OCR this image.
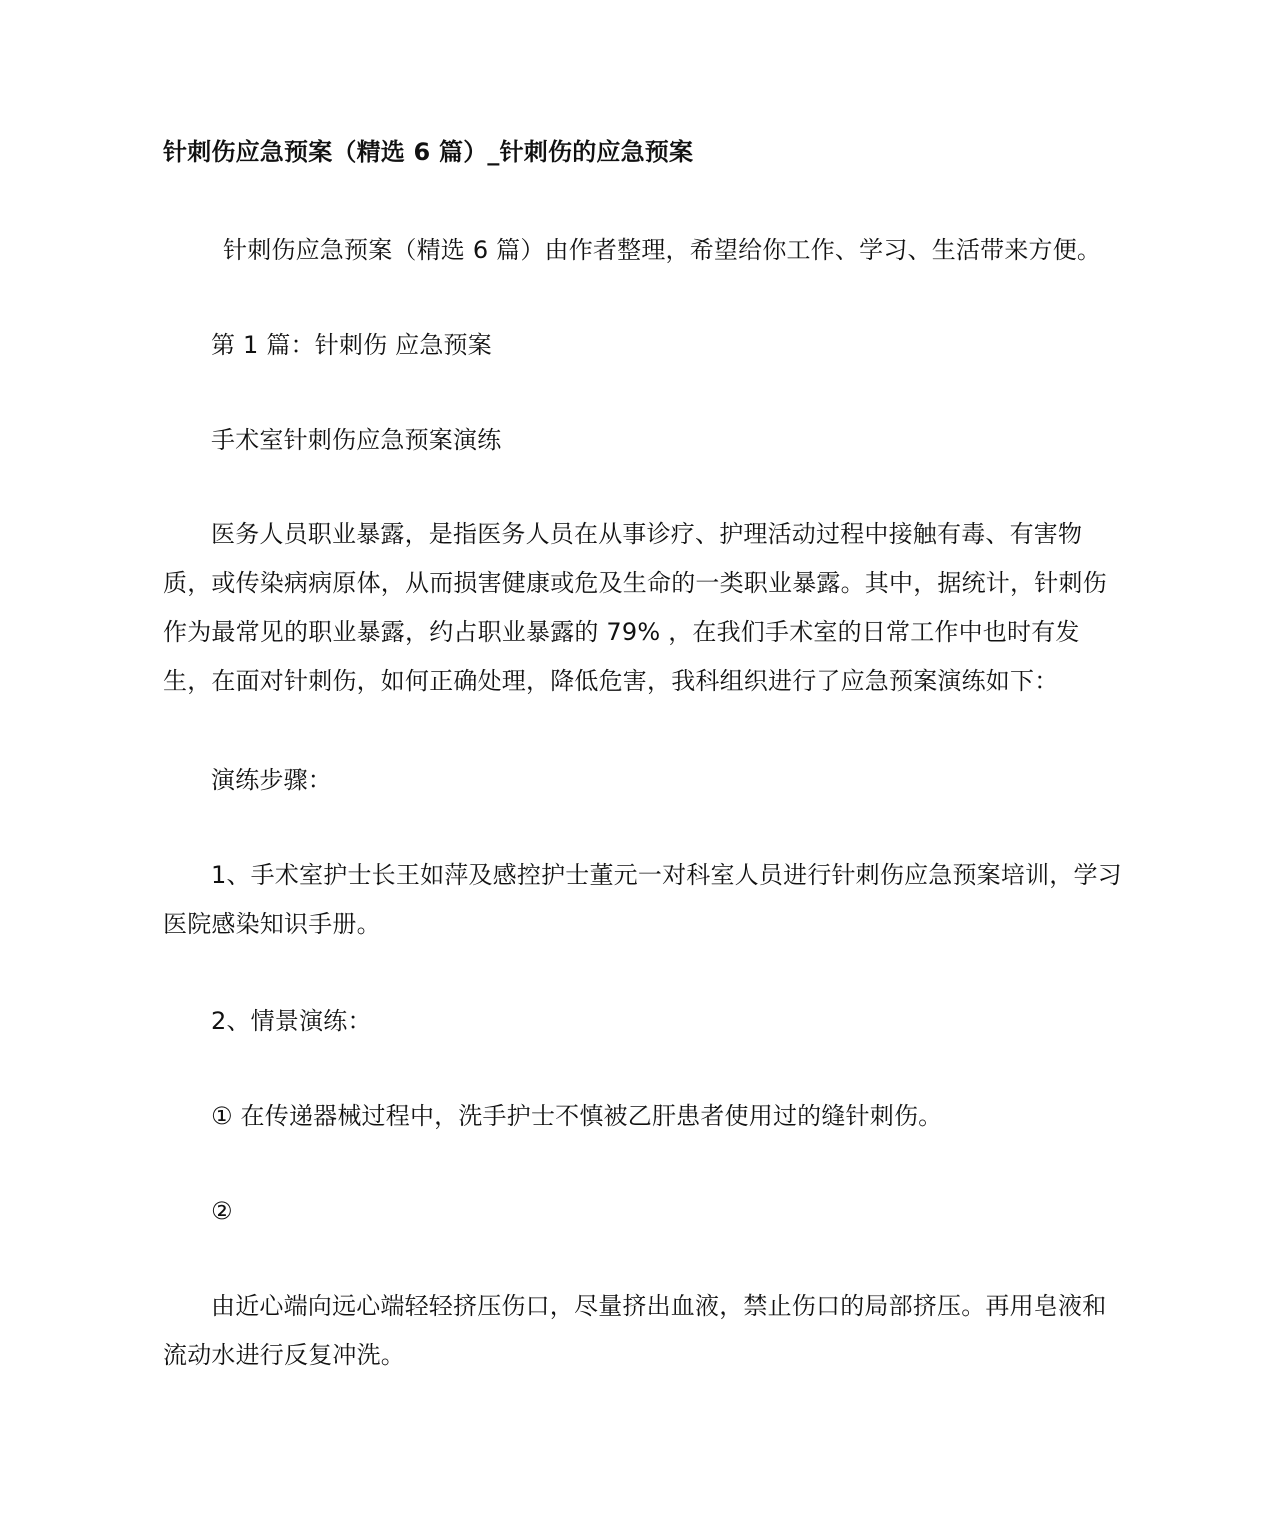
针刺伤应急预案（精选 6 篇）_针刺伤的应急预案
针刺伤应急预案（精选 6 篇）由作者整理，希望给你工作、学习、生活带来方便。
第 1 篇：针刺伤 应急预案
手术室针刺伤应急预案演练
医务人员职业暴露，是指医务人员在从事诊疗、护理活动过程中接触有毒、有害物质，或传染病病原体，从而损害健康或危及生命的一类职业暴露。其中，据统计，针刺伤作为最常见的职业暴露，约占职业暴露的 79% ，在我们手术室的日常工作中也时有发生，在面对针刺伤，如何正确处理，降低危害，我科组织进行了应急预案演练如下：
演练步骤：
1、手术室护士长王如萍及感控护士董元一对科室人员进行针刺伤应急预案培训，学习医院感染知识手册。
2、情景演练：
① 在传递器械过程中，洗手护士不慎被乙肝患者使用过的缝针刺伤。
②
由近心端向远心端轻轻挤压伤口，尽量挤出血液，禁止伤口的局部挤压。再用皂液和流动水进行反复冲洗。
